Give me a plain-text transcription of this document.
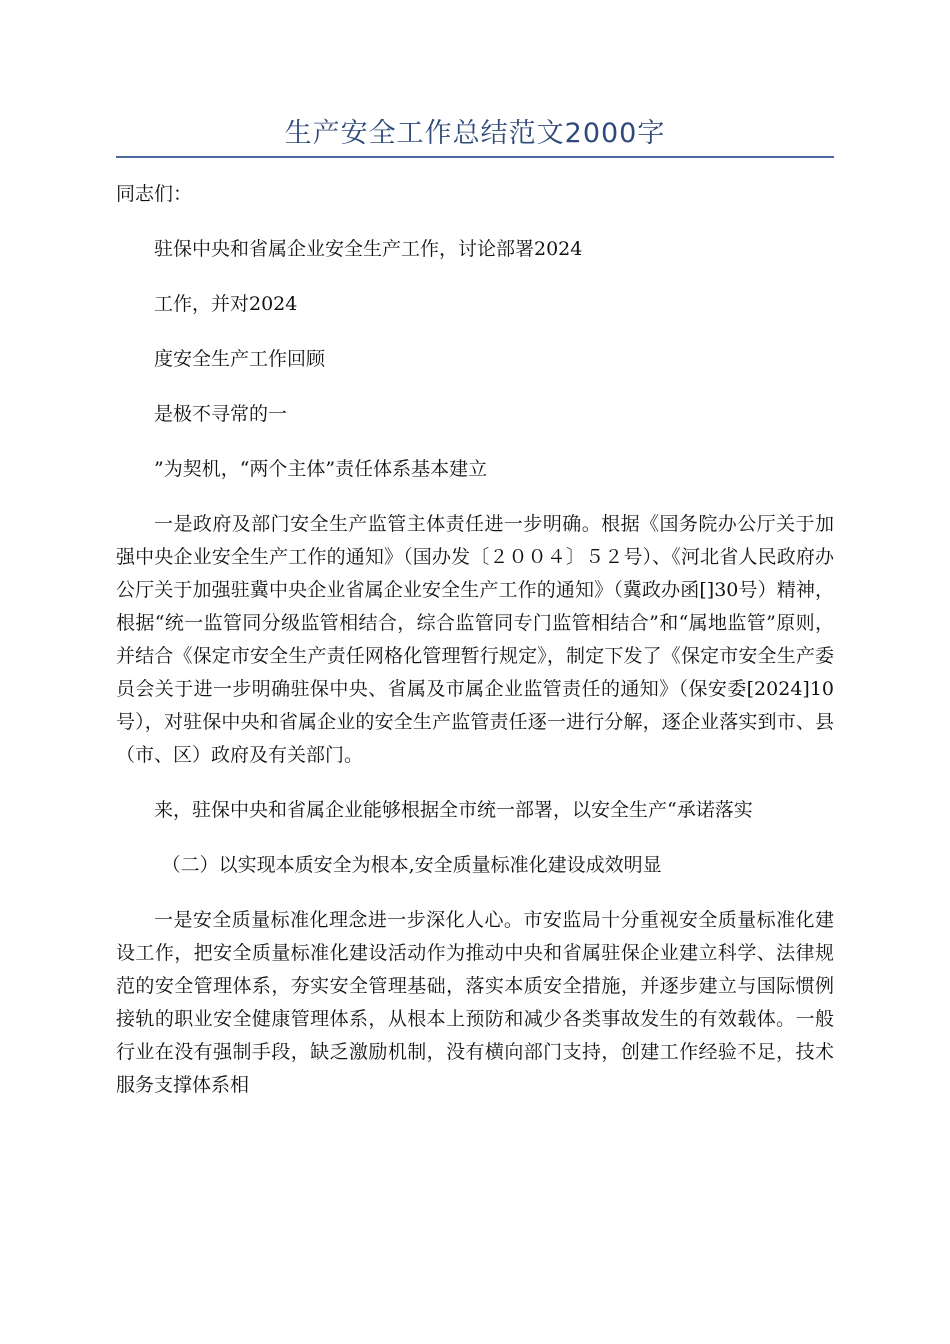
生产安全工作总结范文2000字

同志们：

驻保中央和省属企业安全生产工作，讨论部署2024

工作，并对2024

度安全生产工作回顾

是极不寻常的一

”为契机，“两个主体”责任体系基本建立

一是政府及部门安全生产监管主体责任进一步明确。根据《国务院办公厅关于加强中央企业安全生产工作的通知》（国办发〔２００４〕５２号）、《河北省人民政府办公厅关于加强驻冀中央企业省属企业安全生产工作的通知》（冀政办函[]30号）精神，根据“统一监管同分级监管相结合，综合监管同专门监管相结合”和“属地监管”原则，并结合《保定市安全生产责任网格化管理暂行规定》，制定下发了《保定市安全生产委员会关于进一步明确驻保中央、省属及市属企业监管责任的通知》（保安委[2024]10号），对驻保中央和省属企业的安全生产监管责任逐一进行分解，逐企业落实到市、县（市、区）政府及有关部门。

来，驻保中央和省属企业能够根据全市统一部署，以安全生产“承诺落实

（二）以实现本质安全为根本,安全质量标准化建设成效明显

一是安全质量标准化理念进一步深化人心。市安监局十分重视安全质量标准化建设工作，把安全质量标准化建设活动作为推动中央和省属驻保企业建立科学、法律规范的安全管理体系，夯实安全管理基础，落实本质安全措施，并逐步建立与国际惯例接轨的职业安全健康管理体系，从根本上预防和减少各类事故发生的有效载体。一般行业在没有强制手段，缺乏激励机制，没有横向部门支持，创建工作经验不足，技术服务支撑体系相
